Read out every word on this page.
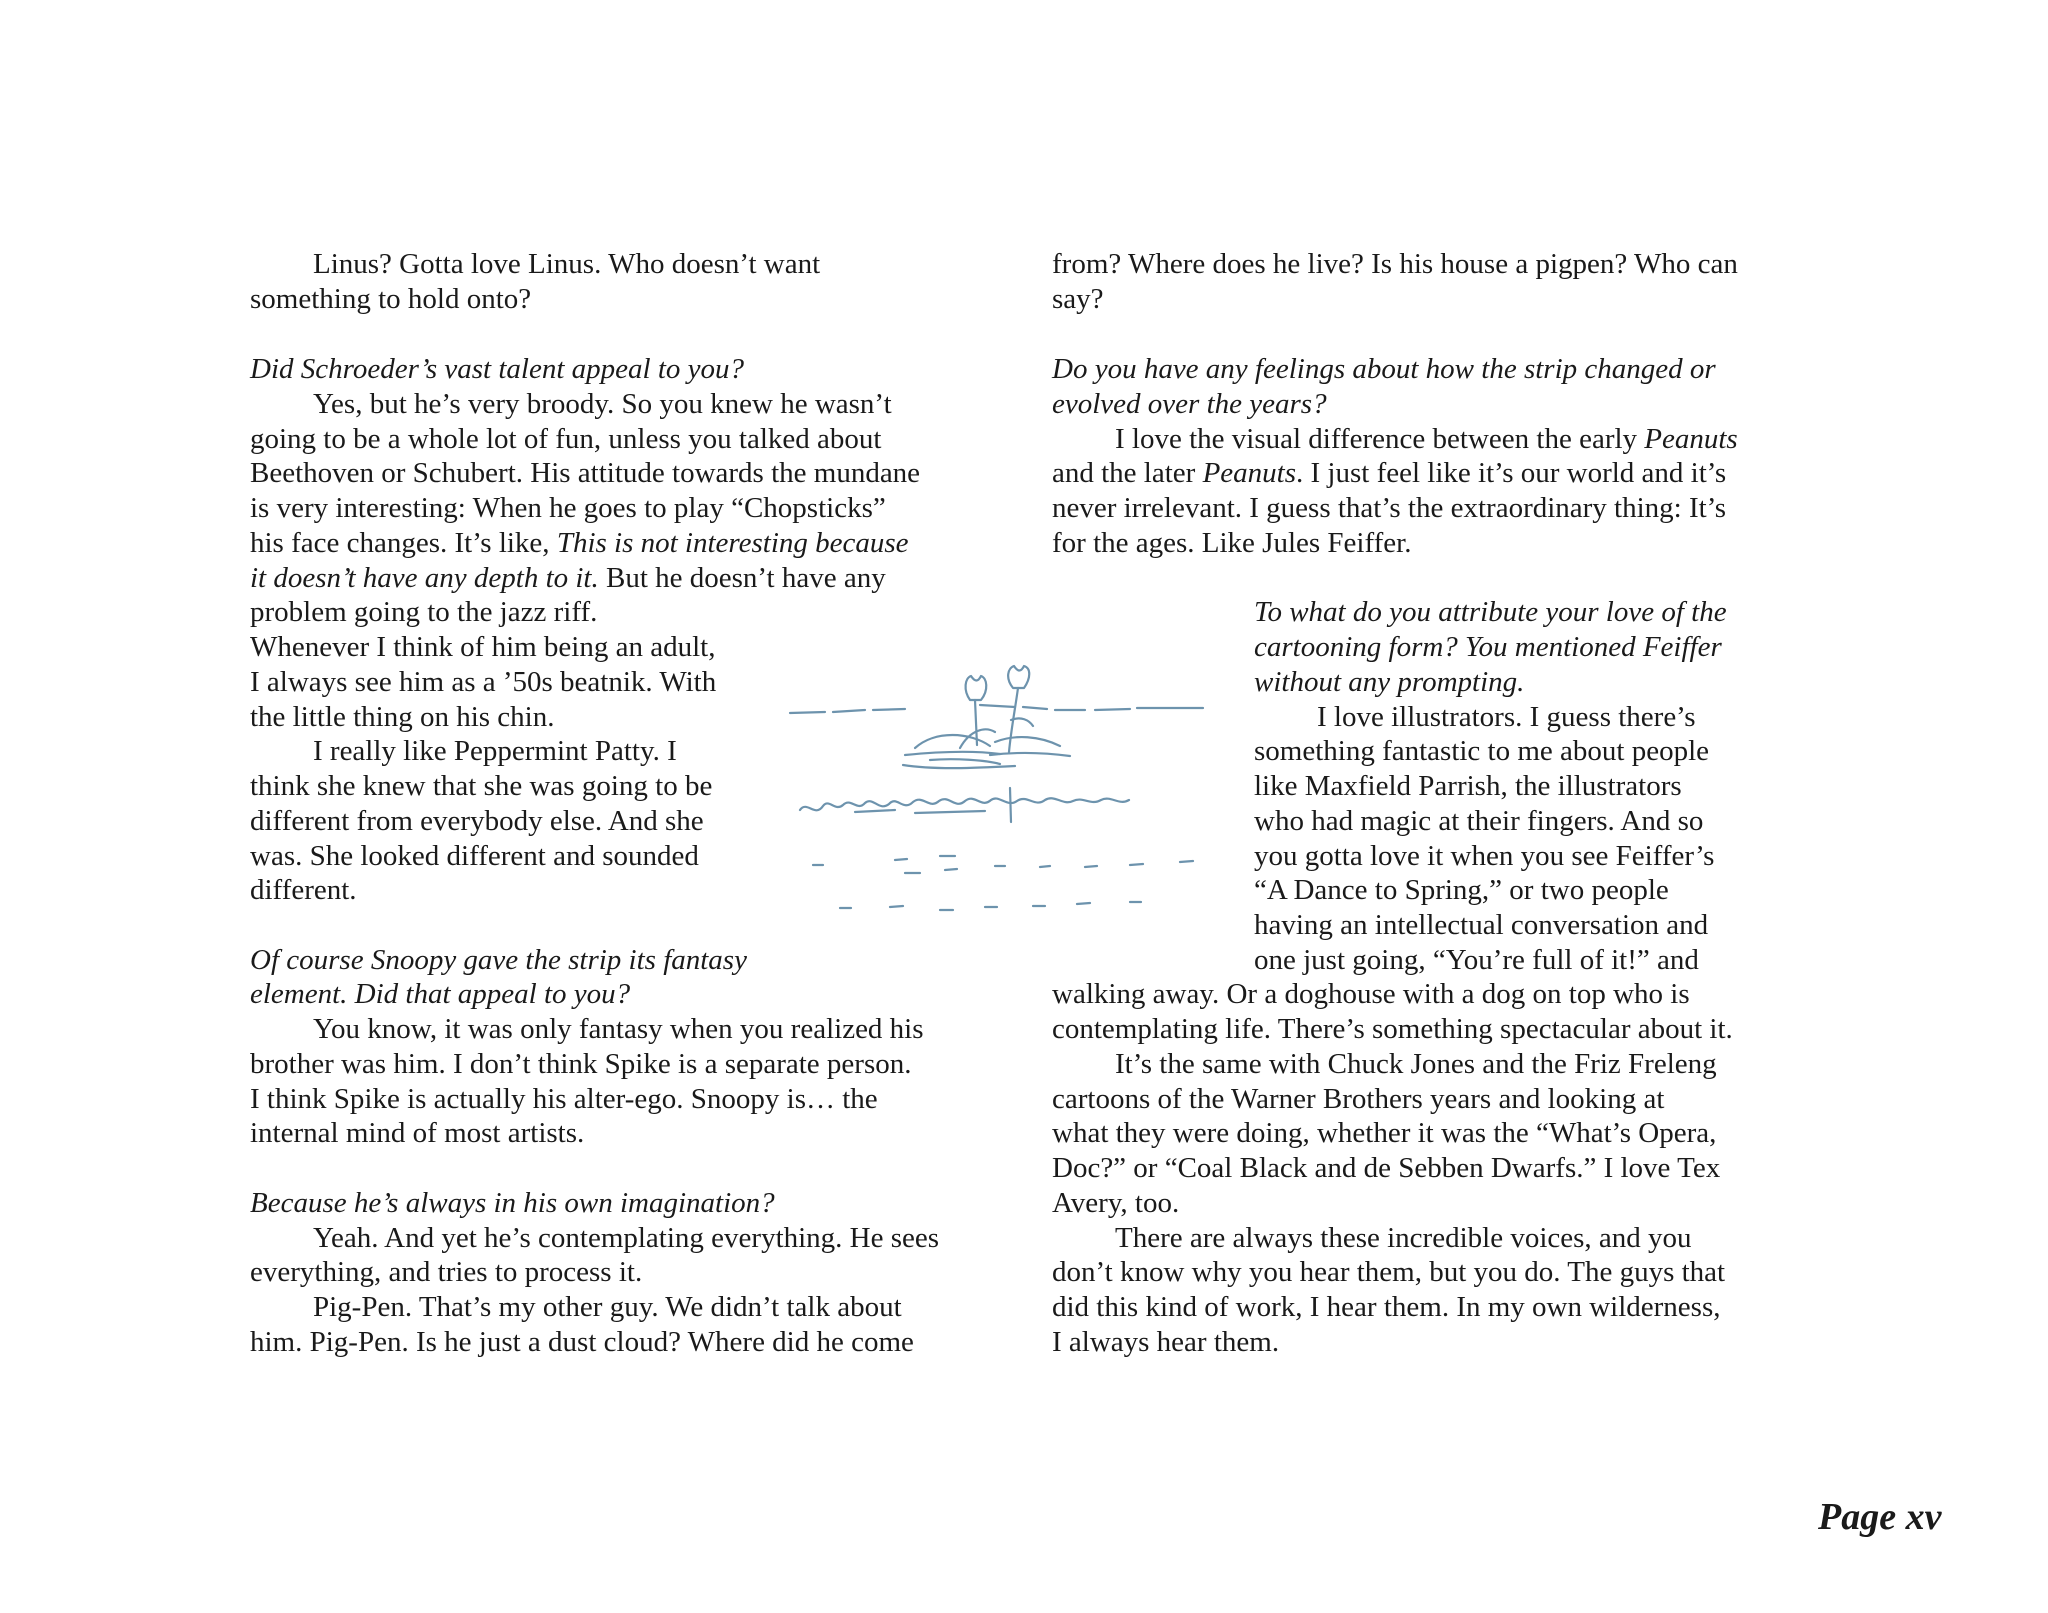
Linus? Gotta love Linus. Who doesn’t want
something to hold onto?
Did Schroeder’s vast talent appeal to you?
Yes, but he’s very broody. So you knew he wasn’t
going to be a whole lot of fun, unless you talked about
Beethoven or Schubert. His attitude towards the mundane
is very interesting: When he goes to play “Chopsticks”
his face changes. It’s like, This is not interesting because
it doesn’t have any depth to it. But he doesn’t have any
problem going to the jazz riff.
Whenever I think of him being an adult,
I always see him as a ’50s beatnik. With
the little thing on his chin.
I really like Peppermint Patty. I
think she knew that she was going to be
different from everybody else. And she
was. She looked different and sounded
different.
Of course Snoopy gave the strip its fantasy
element. Did that appeal to you?
You know, it was only fantasy when you realized his
brother was him. I don’t think Spike is a separate person.
I think Spike is actually his alter-ego. Snoopy is… the
internal mind of most artists.
Because he’s always in his own imagination?
Yeah. And yet he’s contemplating everything. He sees
everything, and tries to process it.
Pig-Pen. That’s my other guy. We didn’t talk about
him. Pig-Pen. Is he just a dust cloud? Where did he come
from? Where does he live? Is his house a pigpen? Who can
say?
Do you have any feelings about how the strip changed or
evolved over the years?
I love the visual difference between the early Peanuts
and the later Peanuts. I just feel like it’s our world and it’s
never irrelevant. I guess that’s the extraordinary thing: It’s
for the ages. Like Jules Feiffer.
To what do you attribute your love of the
cartooning form? You mentioned Feiffer
without any prompting.
I love illustrators. I guess there’s
something fantastic to me about people
like Maxfield Parrish, the illustrators
who had magic at their fingers. And so
you gotta love it when you see Feiffer’s
“A Dance to Spring,” or two people
having an intellectual conversation and
one just going, “You’re full of it!” and
walking away. Or a doghouse with a dog on top who is
contemplating life. There’s something spectacular about it.
It’s the same with Chuck Jones and the Friz Freleng
cartoons of the Warner Brothers years and looking at
what they were doing, whether it was the “What’s Opera,
Doc?” or “Coal Black and de Sebben Dwarfs.” I love Tex
Avery, too.
There are always these incredible voices, and you
don’t know why you hear them, but you do. The guys that
did this kind of work, I hear them. In my own wilderness,
I always hear them.
Page xv
